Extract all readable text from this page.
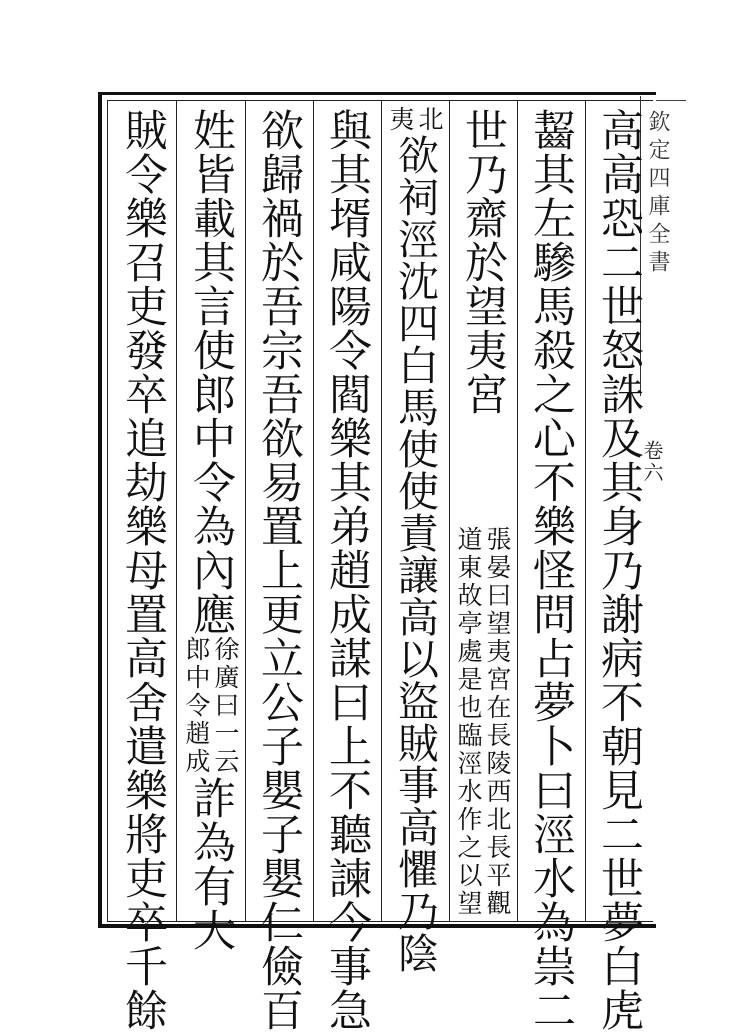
欽定四庫全書
卷六
高高恐二世怒誅及其身乃謝病不朝見二世夢白虎
齧其左驂馬殺之心不樂怪問占夢卜曰涇水為祟二
世乃齋於望夷宮
張晏曰望夷宮在長陵西北長平觀
道東故亭處是也臨涇水作之以望
北
夷
欲祠涇沈四白馬使使責讓高以盜賊事高懼乃陰
與其壻咸陽令閻樂其弟趙成謀曰上不聽諫今事急
欲歸禍於吾宗吾欲易置上更立公子嬰子嬰仁儉百
姓皆載其言使郎中令為內應
徐廣曰一云
郎中令趙成
詐為有大
賊令樂召吏發卒追劫樂母置高舍遣樂將吏卒千餘
